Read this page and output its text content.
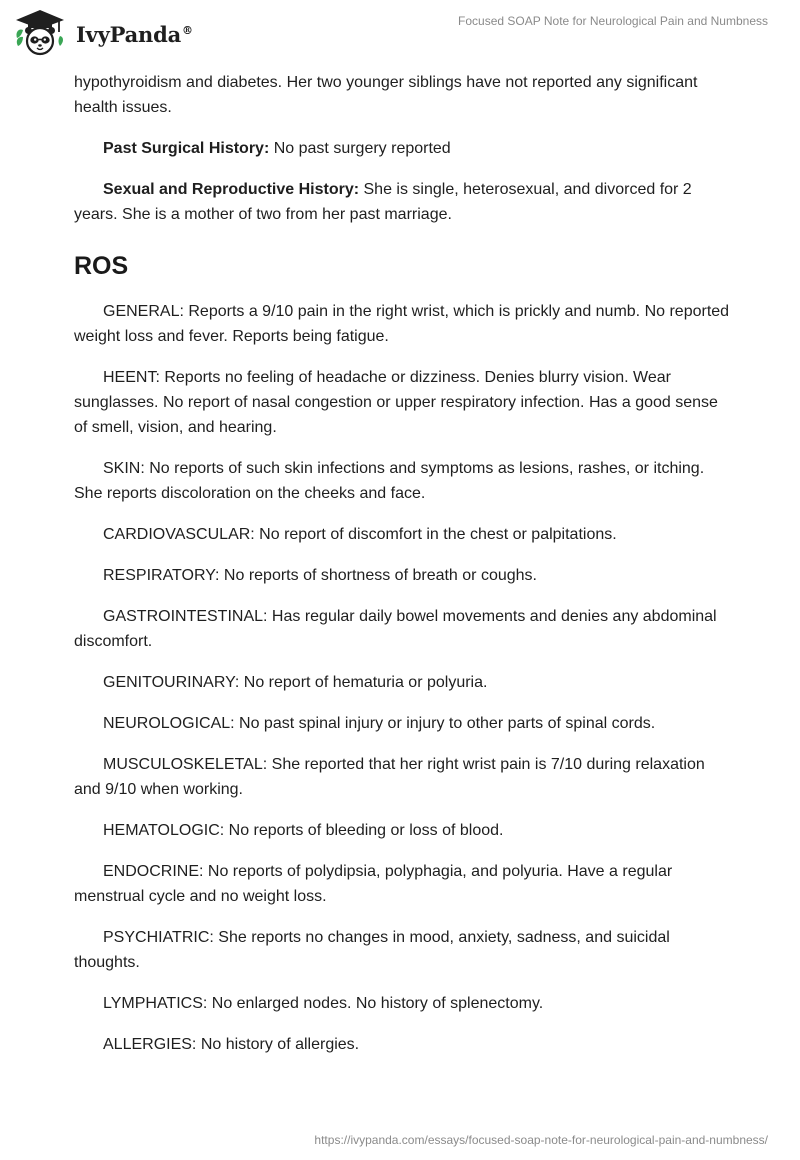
IvyPanda®
Focused SOAP Note for Neurological Pain and Numbness

hypothyroidism and diabetes. Her two younger siblings have not reported any significant health issues.

Past Surgical History: No past surgery reported

Sexual and Reproductive History: She is single, heterosexual, and divorced for 2 years. She is a mother of two from her past marriage.

ROS

GENERAL: Reports a 9/10 pain in the right wrist, which is prickly and numb. No reported weight loss and fever. Reports being fatigue.

HEENT: Reports no feeling of headache or dizziness. Denies blurry vision. Wear sunglasses. No report of nasal congestion or upper respiratory infection. Has a good sense of smell, vision, and hearing.

SKIN: No reports of such skin infections and symptoms as lesions, rashes, or itching. She reports discoloration on the cheeks and face.

CARDIOVASCULAR: No report of discomfort in the chest or palpitations.

RESPIRATORY: No reports of shortness of breath or coughs.

GASTROINTESTINAL: Has regular daily bowel movements and denies any abdominal discomfort.

GENITOURINARY: No report of hematuria or polyuria.

NEUROLOGICAL: No past spinal injury or injury to other parts of spinal cords.

MUSCULOSKELETAL: She reported that her right wrist pain is 7/10 during relaxation and 9/10 when working.

HEMATOLOGIC: No reports of bleeding or loss of blood.

ENDOCRINE: No reports of polydipsia, polyphagia, and polyuria. Have a regular menstrual cycle and no weight loss.

PSYCHIATRIC: She reports no changes in mood, anxiety, sadness, and suicidal thoughts.

LYMPHATICS: No enlarged nodes. No history of splenectomy.

ALLERGIES: No history of allergies.

https://ivypanda.com/essays/focused-soap-note-for-neurological-pain-and-numbness/
